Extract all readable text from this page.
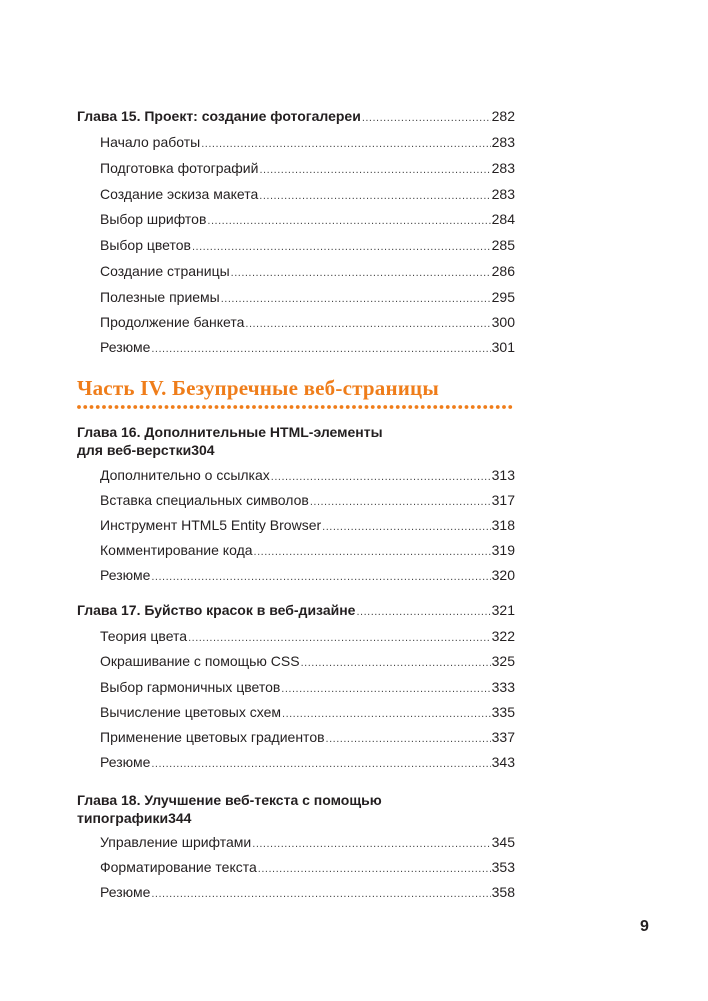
Глава 15. Проект: создание фотогалереи .....	282
Начало работы .....	283
Подготовка фотографий .....	283
Создание эскиза макета .....	283
Выбор шрифтов .....	284
Выбор цветов .....	285
Создание страницы .....	286
Полезные приемы .....	295
Продолжение банкета .....	300
Резюме .....	301
Глава 16. Дополнительные HTML-элементы
для веб-верстки 304
Дополнительно о ссылках .....	313
Вставка специальных символов .....	317
Инструмент HTML5 Entity Browser .....	318
Комментирование кода .....	319
Резюме .....	320
Глава 17. Буйство красок в веб-дизайне .....	321
Теория цвета .....	322
Окрашивание с помощью CSS .....	325
Выбор гармоничных цветов .....	333
Вычисление цветовых схем .....	335
Применение цветовых градиентов .....	337
Резюме .....	343
Глава 18. Улучшение веб-текста с помощью
типографики 344
Управление шрифтами .....	345
Форматирование текста .....	353
Резюме .....	358
Часть IV. Безупречные веб-страницы
9
